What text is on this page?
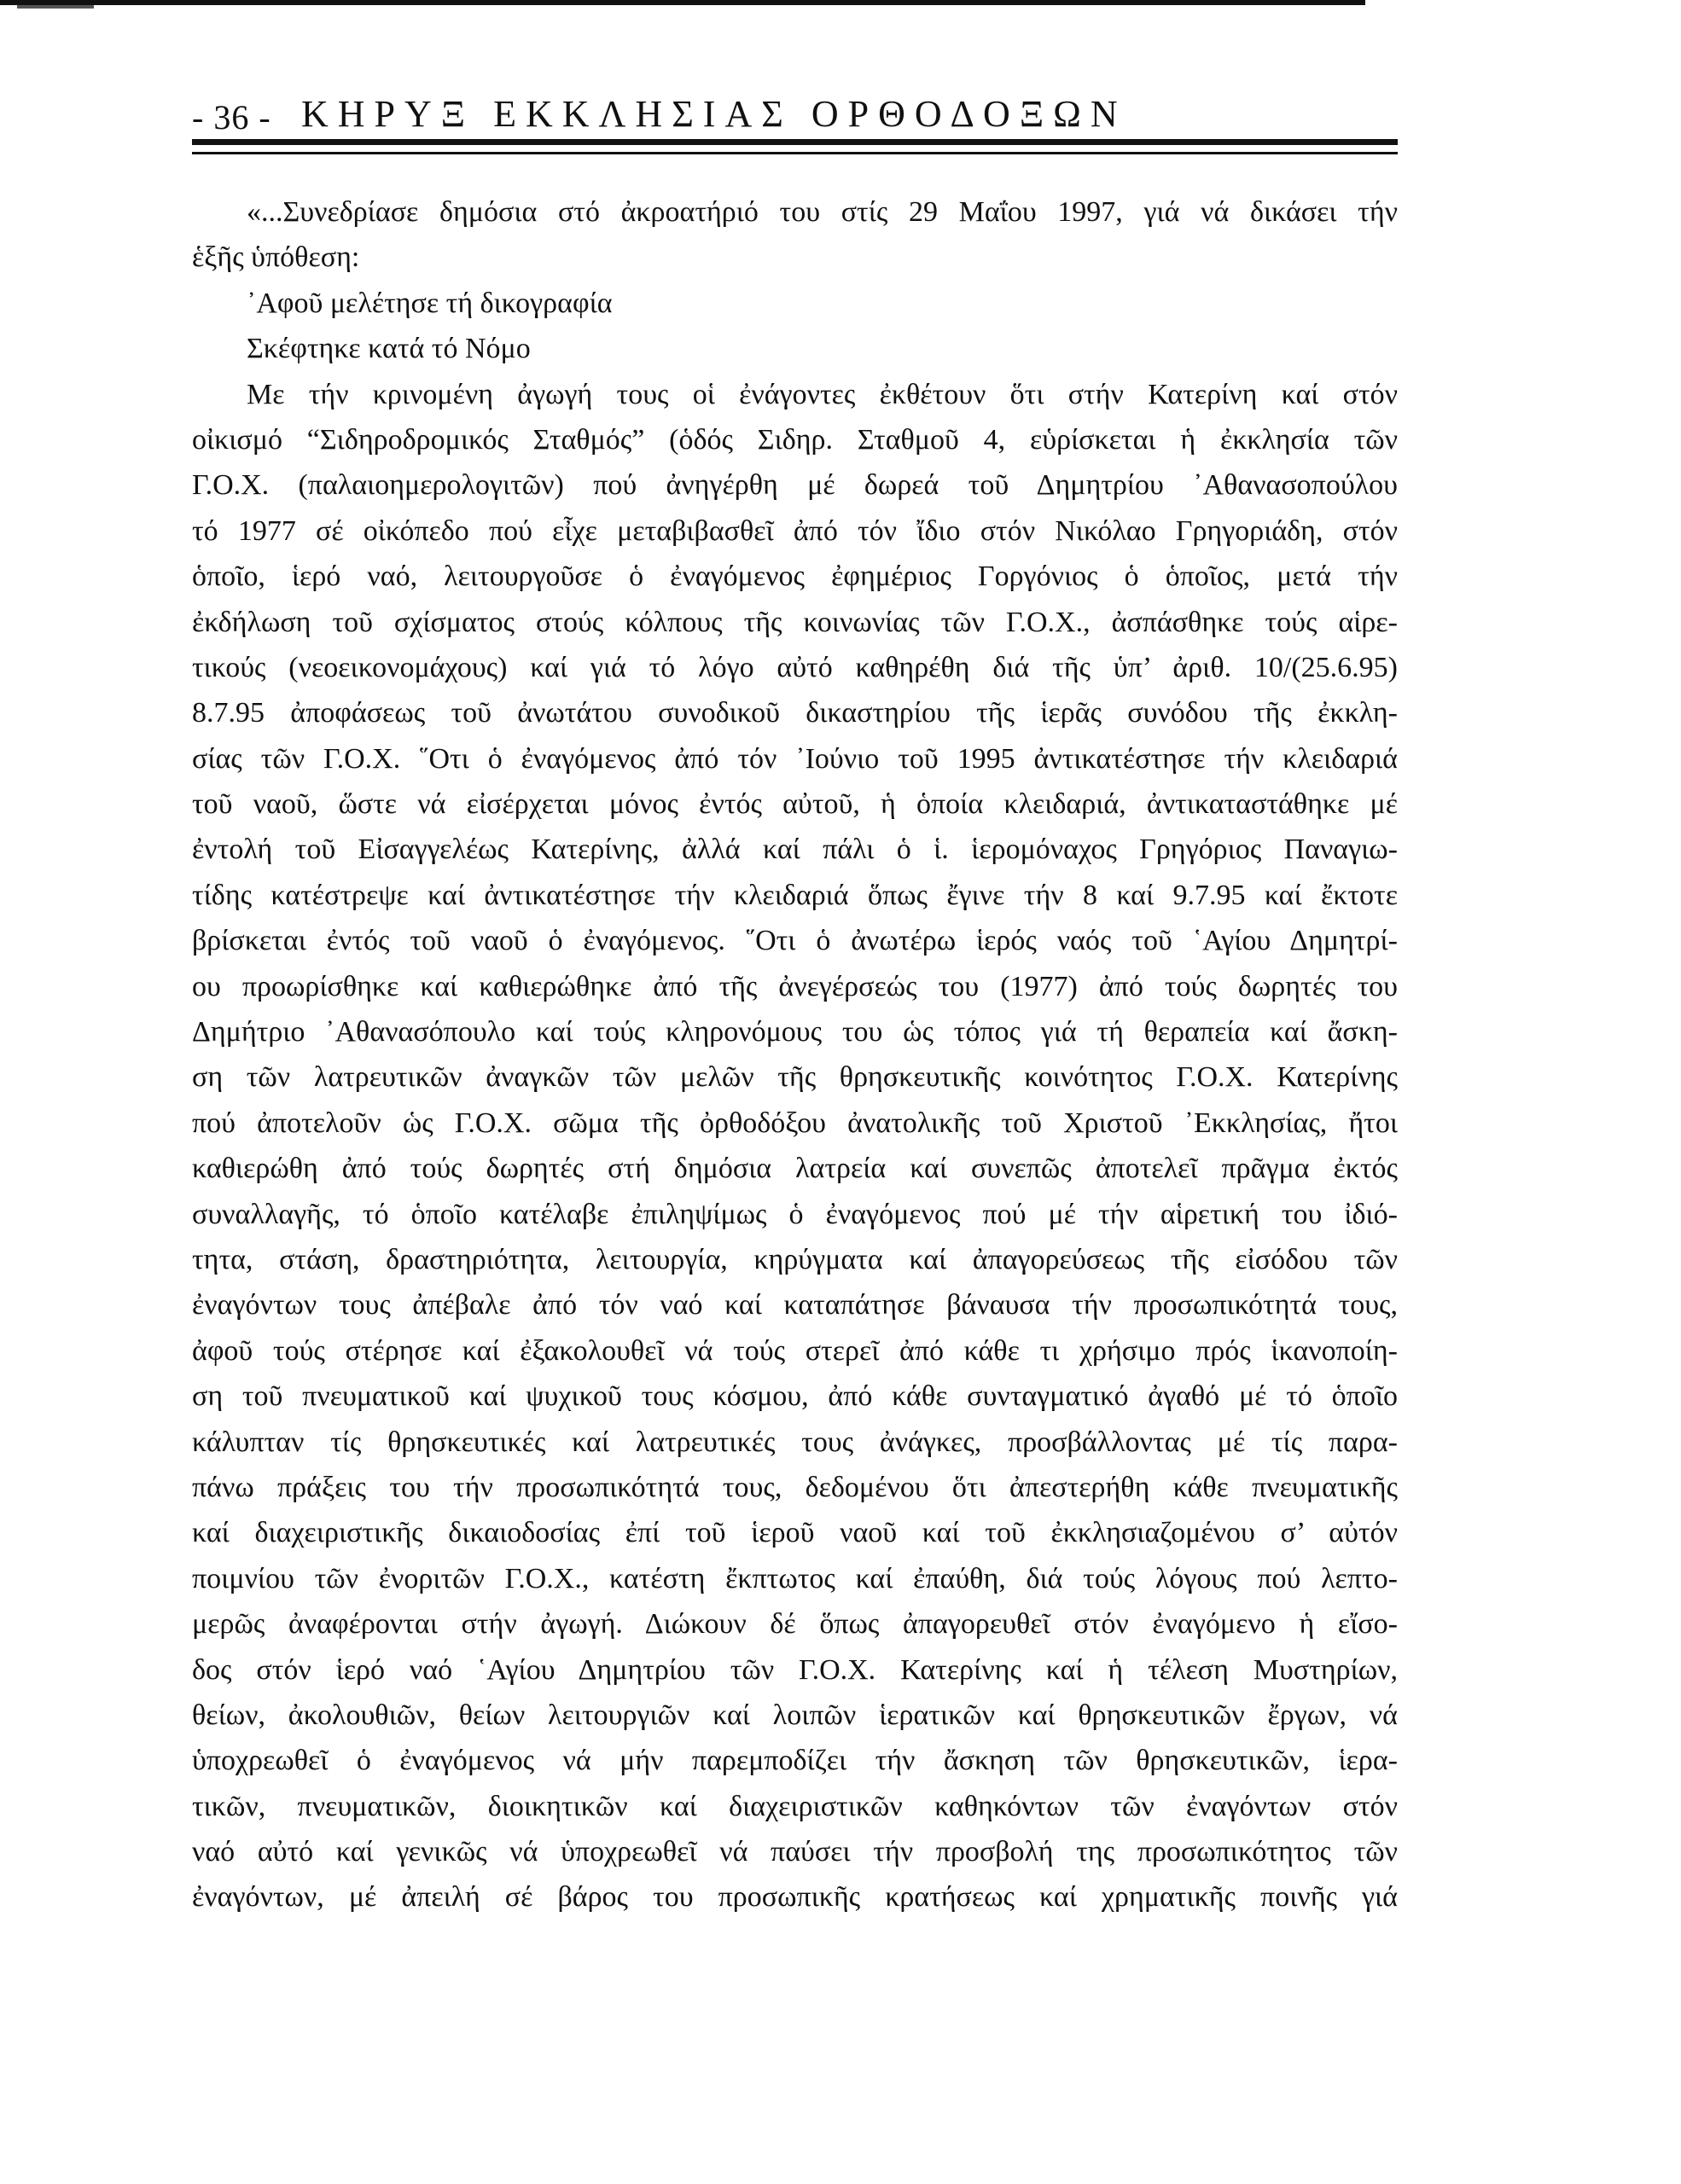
- 36 - ΚΗΡΥΞ ΕΚΚΛΗΣΙΑΣ ΟΡΘΟΔΟΞΩΝ
«...Συνεδρίασε δημόσια στό ἀκροατήριό του στίς 29 Μαΐου 1997, γιά νά δικάσει τήν
ἑξῆς ὑπόθεση:
᾿Αφοῦ μελέτησε τή δικογραφία
Σκέφτηκε κατά τό Νόμο
Με τήν κρινομένη ἀγωγή τους οἱ ἐνάγοντες ἐκθέτουν ὅτι στήν Κατερίνη καί στόν
οἰκισμό “Σιδηροδρομικός Σταθμός” (ὁδός Σιδηρ. Σταθμοῦ 4, εὑρίσκεται ἡ ἐκκλησία τῶν
Γ.Ο.Χ. (παλαιοημερολογιτῶν) πού ἀνηγέρθη μέ δωρεά τοῦ Δημητρίου ᾿Αθανασοπούλου
τό 1977 σέ οἰκόπεδο πού εἶχε μεταβιβασθεῖ ἀπό τόν ἴδιο στόν Νικόλαο Γρηγοριάδη, στόν
ὁποῖο, ἱερό ναό, λειτουργοῦσε ὁ ἐναγόμενος ἐφημέριος Γοργόνιος ὁ ὁποῖος, μετά τήν
ἐκδήλωση τοῦ σχίσματος στούς κόλπους τῆς κοινωνίας τῶν Γ.Ο.Χ., ἀσπάσθηκε τούς αἱρε-
τικούς (νεοεικονομάχους) καί γιά τό λόγο αὐτό καθηρέθη διά τῆς ὑπ’ ἀριθ. 10/(25.6.95)
8.7.95 ἀποφάσεως τοῦ ἀνωτάτου συνοδικοῦ δικαστηρίου τῆς ἱερᾶς συνόδου τῆς ἐκκλη-
σίας τῶν Γ.Ο.Χ. ῞Οτι ὁ ἐναγόμενος ἀπό τόν ᾿Ιούνιο τοῦ 1995 ἀντικατέστησε τήν κλειδαριά
τοῦ ναοῦ, ὥστε νά εἰσέρχεται μόνος ἐντός αὐτοῦ, ἡ ὁποία κλειδαριά, ἀντικαταστάθηκε μέ
ἐντολή τοῦ Εἰσαγγελέως Κατερίνης, ἀλλά καί πάλι ὁ ἱ. ἱερομόναχος Γρηγόριος Παναγιω-
τίδης κατέστρεψε καί ἀντικατέστησε τήν κλειδαριά ὅπως ἔγινε τήν 8 καί 9.7.95 καί ἔκτοτε
βρίσκεται ἐντός τοῦ ναοῦ ὁ ἐναγόμενος. ῞Οτι ὁ ἀνωτέρω ἱερός ναός τοῦ ῾Αγίου Δημητρί-
ου προωρίσθηκε καί καθιερώθηκε ἀπό τῆς ἀνεγέρσεώς του (1977) ἀπό τούς δωρητές του
Δημήτριο ᾿Αθανασόπουλο καί τούς κληρονόμους του ὡς τόπος γιά τή θεραπεία καί ἄσκη-
ση τῶν λατρευτικῶν ἀναγκῶν τῶν μελῶν τῆς θρησκευτικῆς κοινότητος Γ.Ο.Χ. Κατερίνης
πού ἀποτελοῦν ὡς Γ.Ο.Χ. σῶμα τῆς ὀρθοδόξου ἀνατολικῆς τοῦ Χριστοῦ ᾿Εκκλησίας, ἤτοι
καθιερώθη ἀπό τούς δωρητές στή δημόσια λατρεία καί συνεπῶς ἀποτελεῖ πρᾶγμα ἐκτός
συναλλαγῆς, τό ὁποῖο κατέλαβε ἐπιληψίμως ὁ ἐναγόμενος πού μέ τήν αἱρετική του ἰδιό-
τητα, στάση, δραστηριότητα, λειτουργία, κηρύγματα καί ἀπαγορεύσεως τῆς εἰσόδου τῶν
ἐναγόντων τους ἀπέβαλε ἀπό τόν ναό καί καταπάτησε βάναυσα τήν προσωπικότητά τους,
ἀφοῦ τούς στέρησε καί ἐξακολουθεῖ νά τούς στερεῖ ἀπό κάθε τι χρήσιμο πρός ἱκανοποίη-
ση τοῦ πνευματικοῦ καί ψυχικοῦ τους κόσμου, ἀπό κάθε συνταγματικό ἀγαθό μέ τό ὁποῖο
κάλυπταν τίς θρησκευτικές καί λατρευτικές τους ἀνάγκες, προσβάλλοντας μέ τίς παρα-
πάνω πράξεις του τήν προσωπικότητά τους, δεδομένου ὅτι ἀπεστερήθη κάθε πνευματικῆς
καί διαχειριστικῆς δικαιοδοσίας ἐπί τοῦ ἱεροῦ ναοῦ καί τοῦ ἐκκλησιαζομένου σ’ αὐτόν
ποιμνίου τῶν ἐνοριτῶν Γ.Ο.Χ., κατέστη ἔκπτωτος καί ἐπαύθη, διά τούς λόγους πού λεπτο-
μερῶς ἀναφέρονται στήν ἀγωγή. Διώκουν δέ ὅπως ἀπαγορευθεῖ στόν ἐναγόμενο ἡ εἴσο-
δος στόν ἱερό ναό ῾Αγίου Δημητρίου τῶν Γ.Ο.Χ. Κατερίνης καί ἡ τέλεση Μυστηρίων,
θείων, ἀκολουθιῶν, θείων λειτουργιῶν καί λοιπῶν ἱερατικῶν καί θρησκευτικῶν ἔργων, νά
ὑποχρεωθεῖ ὁ ἐναγόμενος νά μήν παρεμποδίζει τήν ἄσκηση τῶν θρησκευτικῶν, ἱερα-
τικῶν, πνευματικῶν, διοικητικῶν καί διαχειριστικῶν καθηκόντων τῶν ἐναγόντων στόν
ναό αὐτό καί γενικῶς νά ὑποχρεωθεῖ νά παύσει τήν προσβολή της προσωπικότητος τῶν
ἐναγόντων, μέ ἀπειλή σέ βάρος του προσωπικῆς κρατήσεως καί χρηματικῆς ποινῆς γιά
